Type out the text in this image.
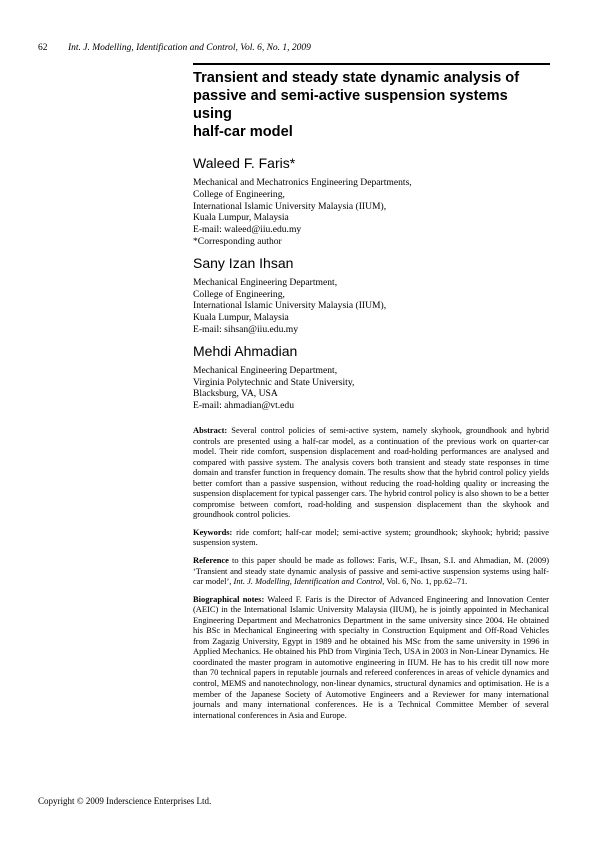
62 Int. J. Modelling, Identification and Control, Vol. 6, No. 1, 2009
Transient and steady state dynamic analysis of
passive and semi-active suspension systems using
half-car model

Waleed F. Faris*

Mechanical and Mechatronics Engineering Departments,
College of Engineering,
International Islamic University Malaysia (IIUM),
Kuala Lumpur, Malaysia
E-mail: waleed@iiu.edu.my
*Corresponding author

Sany Izan Ihsan

Mechanical Engineering Department,
College of Engineering,
International Islamic University Malaysia (IIUM),
Kuala Lumpur, Malaysia
E-mail: sihsan@iiu.edu.my

Mehdi Ahmadian

Mechanical Engineering Department,
Virginia Polytechnic and State University,
Blacksburg, VA, USA
E-mail: ahmadian@vt.edu

Abstract: Several control policies of semi-active system, namely skyhook, groundhook and hybrid controls are presented using a half-car model, as a continuation of the previous work on quarter-car model. Their ride comfort, suspension displacement and road-holding performances are analysed and compared with passive system. The analysis covers both transient and steady state responses in time domain and transfer function in frequency domain. The results show that the hybrid control policy yields better comfort than a passive suspension, without reducing the road-holding quality or increasing the suspension displacement for typical passenger cars. The hybrid control policy is also shown to be a better compromise between comfort, road-holding and suspension displacement than the skyhook and groundhook control policies.

Keywords: ride comfort; half-car model; semi-active system; groundhook; skyhook; hybrid; passive suspension system.

Reference to this paper should be made as follows: Faris, W.F., Ihsan, S.I. and Ahmadian, M. (2009) ‘Transient and steady state dynamic analysis of passive and semi-active suspension systems using half-car model’, Int. J. Modelling, Identification and Control, Vol. 6, No. 1, pp.62–71.

Biographical notes: Waleed F. Faris is the Director of Advanced Engineering and Innovation Center (AEIC) in the International Islamic University Malaysia (IIUM), he is jointly appointed in Mechanical Engineering Department and Mechatronics Department in the same university since 2004. He obtained his BSc in Mechanical Engineering with specialty in Construction Equipment and Off-Road Vehicles from Zagazig University, Egypt in 1989 and he obtained his MSc from the same university in 1996 in Applied Mechanics. He obtained his PhD from Virginia Tech, USA in 2003 in Non-Linear Dynamics. He coordinated the master program in automotive engineering in IIUM. He has to his credit till now more than 70 technical papers in reputable journals and refereed conferences in areas of vehicle dynamics and control, MEMS and nanotechnology, non-linear dynamics, structural dynamics and optimisation. He is a member of the Japanese Society of Automotive Engineers and a Reviewer for many international journals and many international conferences. He is a Technical Committee Member of several international conferences in Asia and Europe.

Copyright © 2009 Inderscience Enterprises Ltd.
